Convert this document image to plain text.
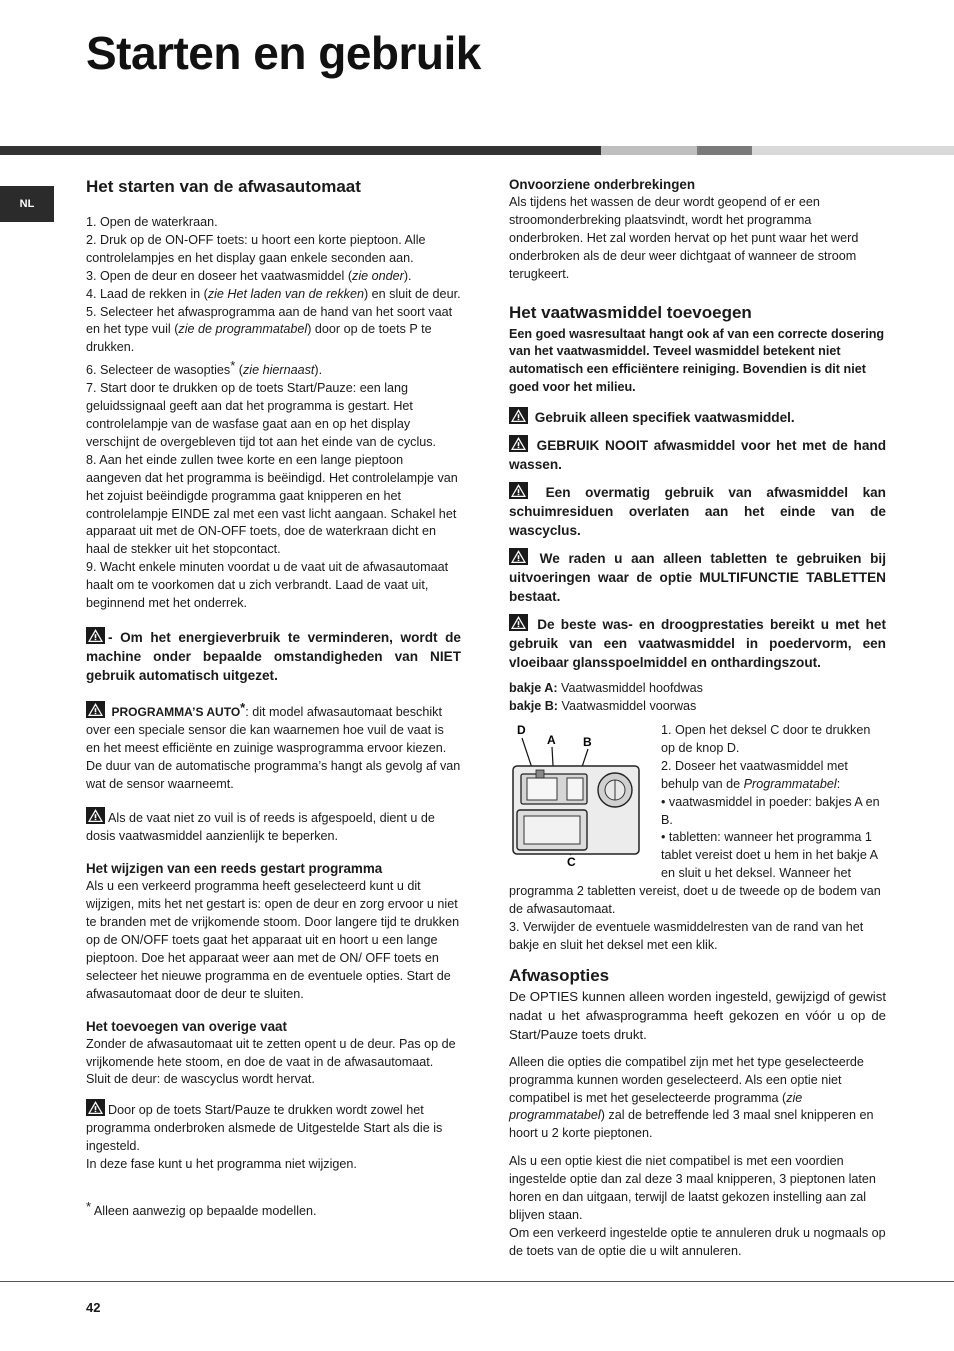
Starten en gebruik
NL
Het starten van de afwasautomaat

1. Open de waterkraan.

2. Druk op de ON-OFF toets: u hoort een korte pieptoon. Alle controlelampjes en het display gaan enkele seconden aan.

3. Open de deur en doseer het vaatwasmiddel (zie onder).

4. Laad de rekken in (zie Het laden van de rekken) en sluit de deur.

5. Selecteer het afwasprogramma aan de hand van het soort vaat en het type vuil (zie de programmatabel) door op de toets P te drukken.

6. Selecteer de wasopties* (zie hiernaast).

7. Start door te drukken op de toets Start/Pauze: een lang geluidssignaal geeft aan dat het programma is gestart. Het controlelampje van de wasfase gaat aan en op het display verschijnt de overgebleven tijd tot aan het einde van de cyclus.

8. Aan het einde zullen twee korte en een lange pieptoon aangeven dat het programma is beëindigd. Het controlelampje van het zojuist beëindigde programma gaat knipperen en het controlelampje EINDE zal met een vast licht aangaan. Schakel het apparaat uit met de ON-OFF toets, doe de waterkraan dicht en haal de stekker uit het stopcontact.

9. Wacht enkele minuten voordat u de vaat uit de afwasautomaat haalt om te voorkomen dat u zich verbrandt. Laad de vaat uit, beginnend met het onderrek.

- Om het energieverbruik te verminderen, wordt de machine onder bepaalde omstandigheden van NIET gebruik automatisch uitgezet.

PROGRAMMA’S AUTO*: dit model afwasautomaat beschikt over een speciale sensor die kan waarnemen hoe vuil de vaat is en het meest efficiënte en zuinige wasprogramma ervoor kiezen.

De duur van de automatische programma’s hangt als gevolg af van wat de sensor waarneemt.

Als de vaat niet zo vuil is of reeds is afgespoeld, dient u de dosis vaatwasmiddel aanzienlijk te beperken.

Het wijzigen van een reeds gestart programma

Als u een verkeerd programma heeft geselecteerd kunt u dit wijzigen, mits het net gestart is: open de deur en zorg ervoor u niet te branden met de vrijkomende stoom. Door langere tijd te drukken op de ON/OFF toets gaat het apparaat uit en hoort u een lange pieptoon. Doe het apparaat weer aan met de ON/ OFF toets en selecteer het nieuwe programma en de eventuele opties. Start de afwasautomaat door de deur te sluiten.

Het toevoegen van overige vaat

Zonder de afwasautomaat uit te zetten opent u de deur. Pas op de vrijkomende hete stoom, en doe de vaat in de afwasautomaat. Sluit de deur: de wascyclus wordt hervat.

Door op de toets Start/Pauze te drukken wordt zowel het programma onderbroken alsmede de Uitgestelde Start als die is ingesteld.

In deze fase kunt u het programma niet wijzigen.

* Alleen aanwezig op bepaalde modellen.

Onvoorziene onderbrekingen

Als tijdens het wassen de deur wordt geopend of er een stroomonderbreking plaatsvindt, wordt het programma onderbroken. Het zal worden hervat op het punt waar het werd onderbroken als de deur weer dichtgaat of wanneer de stroom terugkeert.

Het vaatwasmiddel toevoegen

Een goed wasresultaat hangt ook af van een correcte dosering van het vaatwasmiddel. Teveel wasmiddel betekent niet automatisch een efficiëntere reiniging. Bovendien is dit niet goed voor het milieu.

Gebruik alleen specifiek vaatwasmiddel.

GEBRUIK NOOIT afwasmiddel voor het met de hand wassen.

Een overmatig gebruik van afwasmiddel kan schuimresiduen overlaten aan het einde van de wascyclus.

We raden u aan alleen tabletten te gebruiken bij uitvoeringen waar de optie MULTIFUNCTIE TABLETTEN bestaat.

De beste was- en droogprestaties bereikt u met het gebruik van een vaatwasmiddel in poedervorm, een vloeibaar glansspoelmiddel en onthardingszout.

bakje A: Vaatwasmiddel hoofdwas

bakje B: Vaatwasmiddel voorwas

D
A B
C

1. Open het deksel C door te drukken op de knop D.

2. Doseer het vaatwasmiddel met behulp van de Programmatabel:

• vaatwasmiddel in poeder: bakjes A en B.

• tabletten: wanneer het programma 1 tablet vereist doet u hem in het bakje A en sluit u het deksel. Wanneer het programma 2 tabletten vereist, doet u de tweede op de bodem van de afwasautomaat.

3. Verwijder de eventuele wasmiddelresten van de rand van het bakje en sluit het deksel met een klik.

Afwasopties

De OPTIES kunnen alleen worden ingesteld, gewijzigd of gewist nadat u het afwasprogramma heeft gekozen en vóór u op de Start/Pauze toets drukt.

Alleen die opties die compatibel zijn met het type geselecteerde programma kunnen worden geselecteerd. Als een optie niet compatibel is met het geselecteerde programma (zie programmatabel) zal de betreffende led 3 maal snel knipperen en hoort u 2 korte pieptonen.

Als u een optie kiest die niet compatibel is met een voordien ingestelde optie dan zal deze 3 maal knipperen, 3 pieptonen laten horen en dan uitgaan, terwijl de laatst gekozen instelling aan zal blijven staan.

Om een verkeerd ingestelde optie te annuleren druk u nogmaals op de toets van de optie die u wilt annuleren.

42
